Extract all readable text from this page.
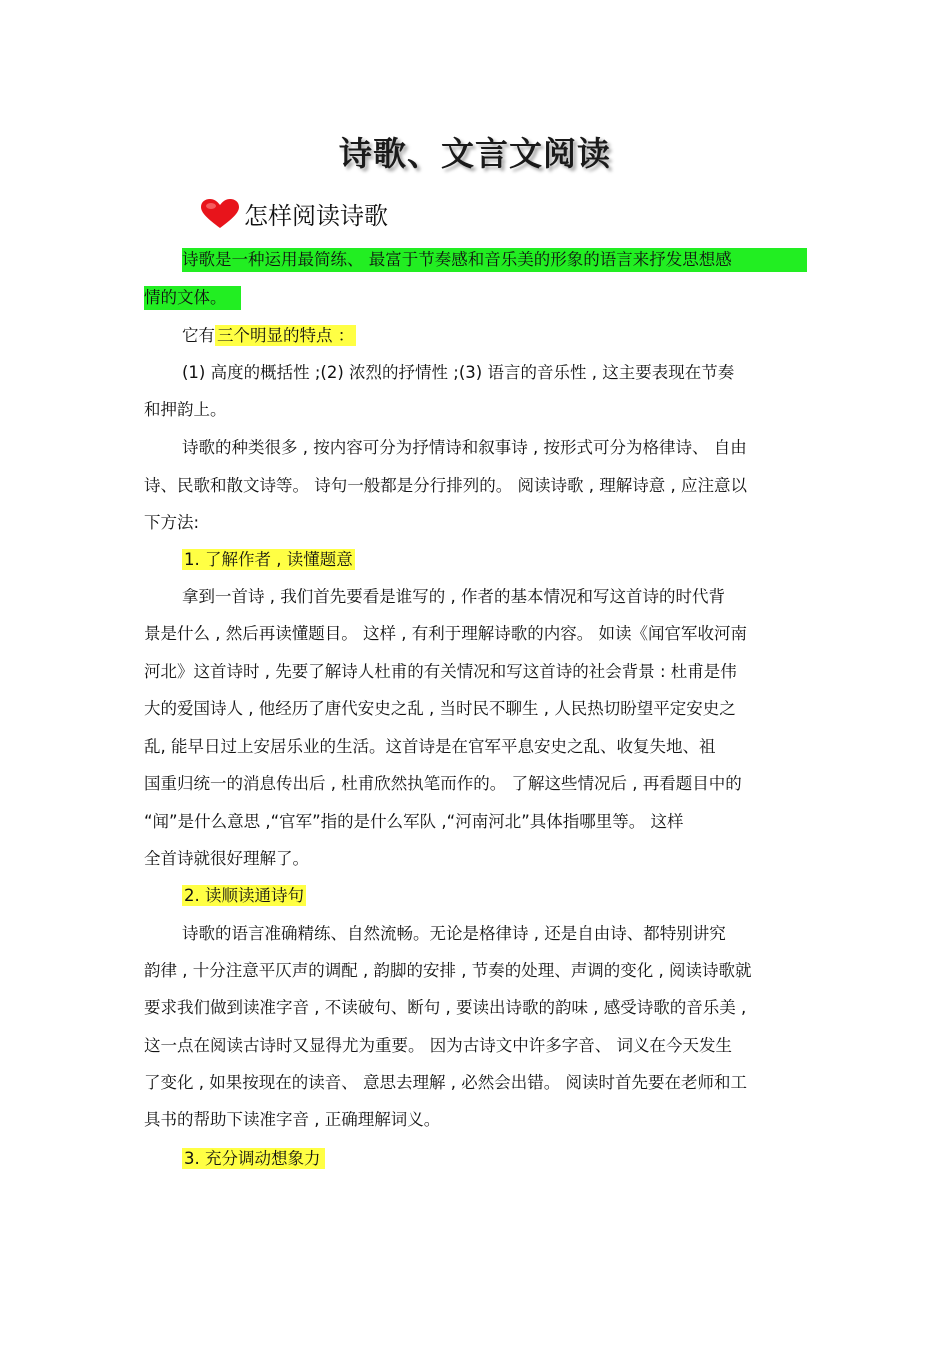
诗歌、文言文阅读
怎样阅读诗歌
诗歌是一种运用最简练、 最富于节奏感和音乐美的形象的语言来抒发思想感
情的文体。
它有 三个明显的特点 ：
(1) 高度的概括性 ;(2) 浓烈的抒情性 ;(3) 语言的音乐性 , 这主要表现在节奏
和押韵上。
诗歌的种类很多 , 按内容可分为抒情诗和叙事诗 , 按形式可分为格律诗、 自由
诗、民歌和散文诗等。 诗句一般都是分行排列的。 阅读诗歌 , 理解诗意 , 应注意以
下方法:
1. 了解作者 , 读懂题意
拿到一首诗 , 我们首先要看是谁写的 , 作者的基本情况和写这首诗的时代背
景是什么 , 然后再读懂题目。 这样 , 有利于理解诗歌的内容。 如读《闻官军收河南
河北》这首诗时 , 先要了解诗人杜甫的有关情况和写这首诗的社会背景 : 杜甫是伟
大的爱国诗人 , 他经历了唐代安史之乱 , 当时民不聊生 , 人民热切盼望平定安史之
乱, 能早日过上安居乐业的生活。这首诗是在官军平息安史之乱、收复失地、祖
国重归统一的消息传出后 , 杜甫欣然执笔而作的。 了解这些情况后 , 再看题目中的
“闻”是什么意思 ,“官军”指的是什么军队 ,“河南河北”具体指哪里等。 这样
全首诗就很好理解了。
2. 读顺读通诗句
诗歌的语言准确精练、自然流畅。无论是格律诗 , 还是自由诗、都特别讲究
韵律 , 十分注意平仄声的调配 , 韵脚的安排 , 节奏的处理、声调的变化 , 阅读诗歌就
要求我们做到读准字音 , 不读破句、断句 , 要读出诗歌的韵味 , 感受诗歌的音乐美 ,
这一点在阅读古诗时又显得尤为重要。 因为古诗文中许多字音、 词义在今天发生
了变化 , 如果按现在的读音、 意思去理解 , 必然会出错。 阅读时首先要在老师和工
具书的帮助下读准字音 , 正确理解词义。
3. 充分调动想象力
